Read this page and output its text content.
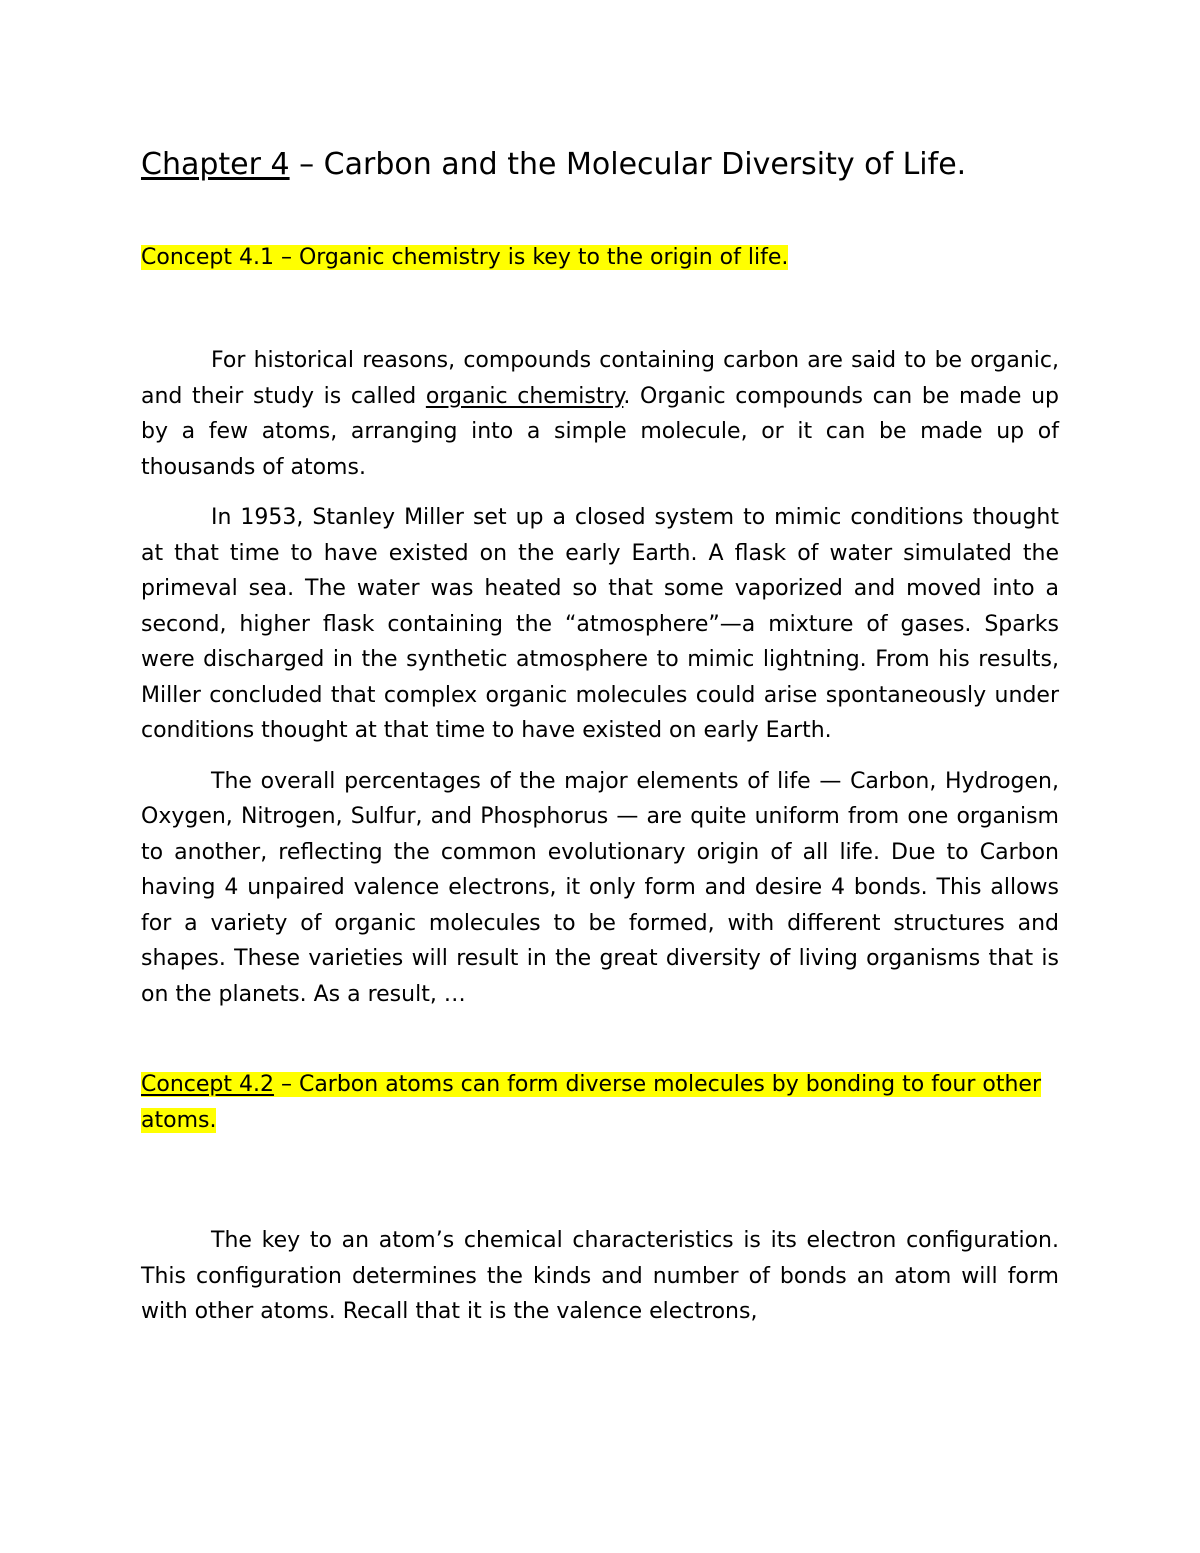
Chapter 4 – Carbon and the Molecular Diversity of Life.

Concept 4.1 – Organic chemistry is key to the origin of life.

For historical reasons, compounds containing carbon are said to be organic, and their study is called organic chemistry. Organic compounds can be made up by a few atoms, arranging into a simple molecule, or it can be made up of thousands of atoms.

In 1953, Stanley Miller set up a closed system to mimic conditions thought at that time to have existed on the early Earth. A flask of water simulated the primeval sea. The water was heated so that some vaporized and moved into a second, higher flask containing the “atmosphere”—a mixture of gases. Sparks were discharged in the synthetic atmosphere to mimic lightning. From his results, Miller concluded that complex organic molecules could arise spontaneously under conditions thought at that time to have existed on early Earth.

The overall percentages of the major elements of life — Carbon, Hydrogen, Oxygen, Nitrogen, Sulfur, and Phosphorus — are quite uniform from one organism to another, reflecting the common evolutionary origin of all life. Due to Carbon having 4 unpaired valence electrons, it only form and desire 4 bonds. This allows for a variety of organic molecules to be formed, with different structures and shapes. These varieties will result in the great diversity of living organisms that is on the planets. As a result, …

Concept 4.2 – Carbon atoms can form diverse molecules by bonding to four other atoms.

The key to an atom’s chemical characteristics is its electron configuration. This configuration determines the kinds and number of bonds an atom will form with other atoms. Recall that it is the valence electrons,
